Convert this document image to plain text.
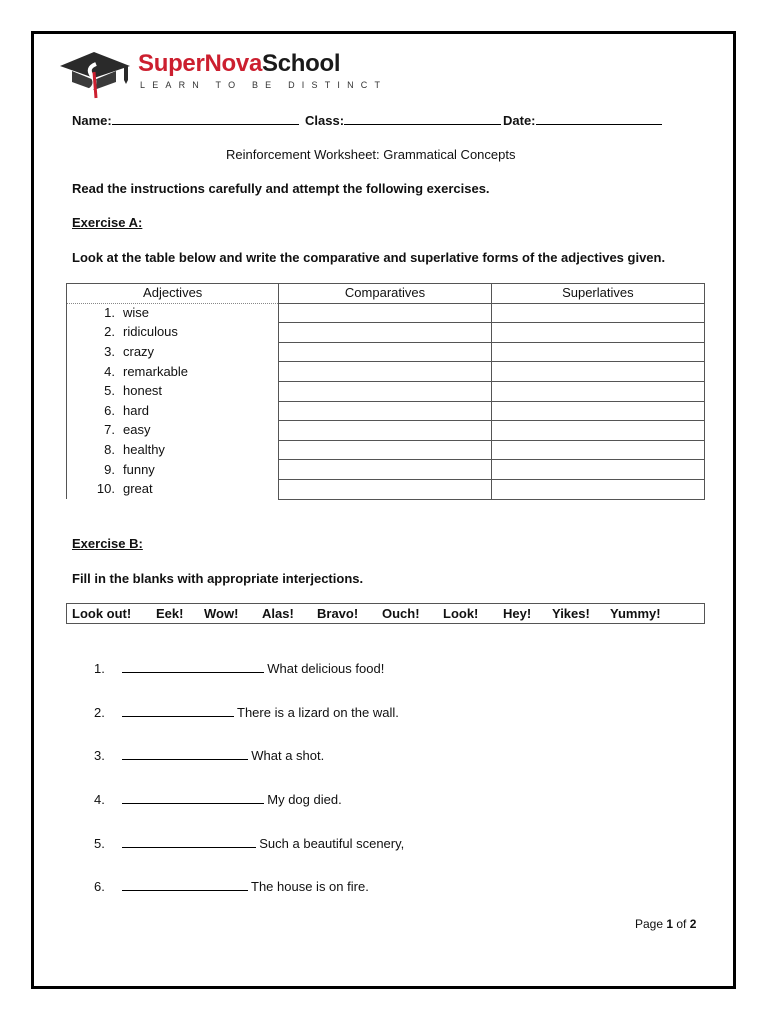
SuperNovaSchool
LEARN TO BE DISTINCT
Name:	Class:	Date:
Reinforcement Worksheet: Grammatical Concepts
Read the instructions carefully and attempt the following exercises.
Exercise A:
Look at the table below and write the comparative and superlative forms of the adjectives given.
Adjectives	Comparatives	Superlatives
1. wise		
2. ridiculous		
3. crazy		
4. remarkable		
5. honest		
6. hard		
7. easy		
8. healthy		
9. funny		
10. great		
Exercise B:
Fill in the blanks with appropriate interjections.
Look out! Eek! Wow! Alas! Bravo! Ouch! Look! Hey! Yikes! Yummy!
1.	What delicious food!
2.	There is a lizard on the wall.
3.	What a shot.
4.	My dog died.
5.	Such a beautiful scenery,
6.	The house is on fire.
Page 1 of 2
